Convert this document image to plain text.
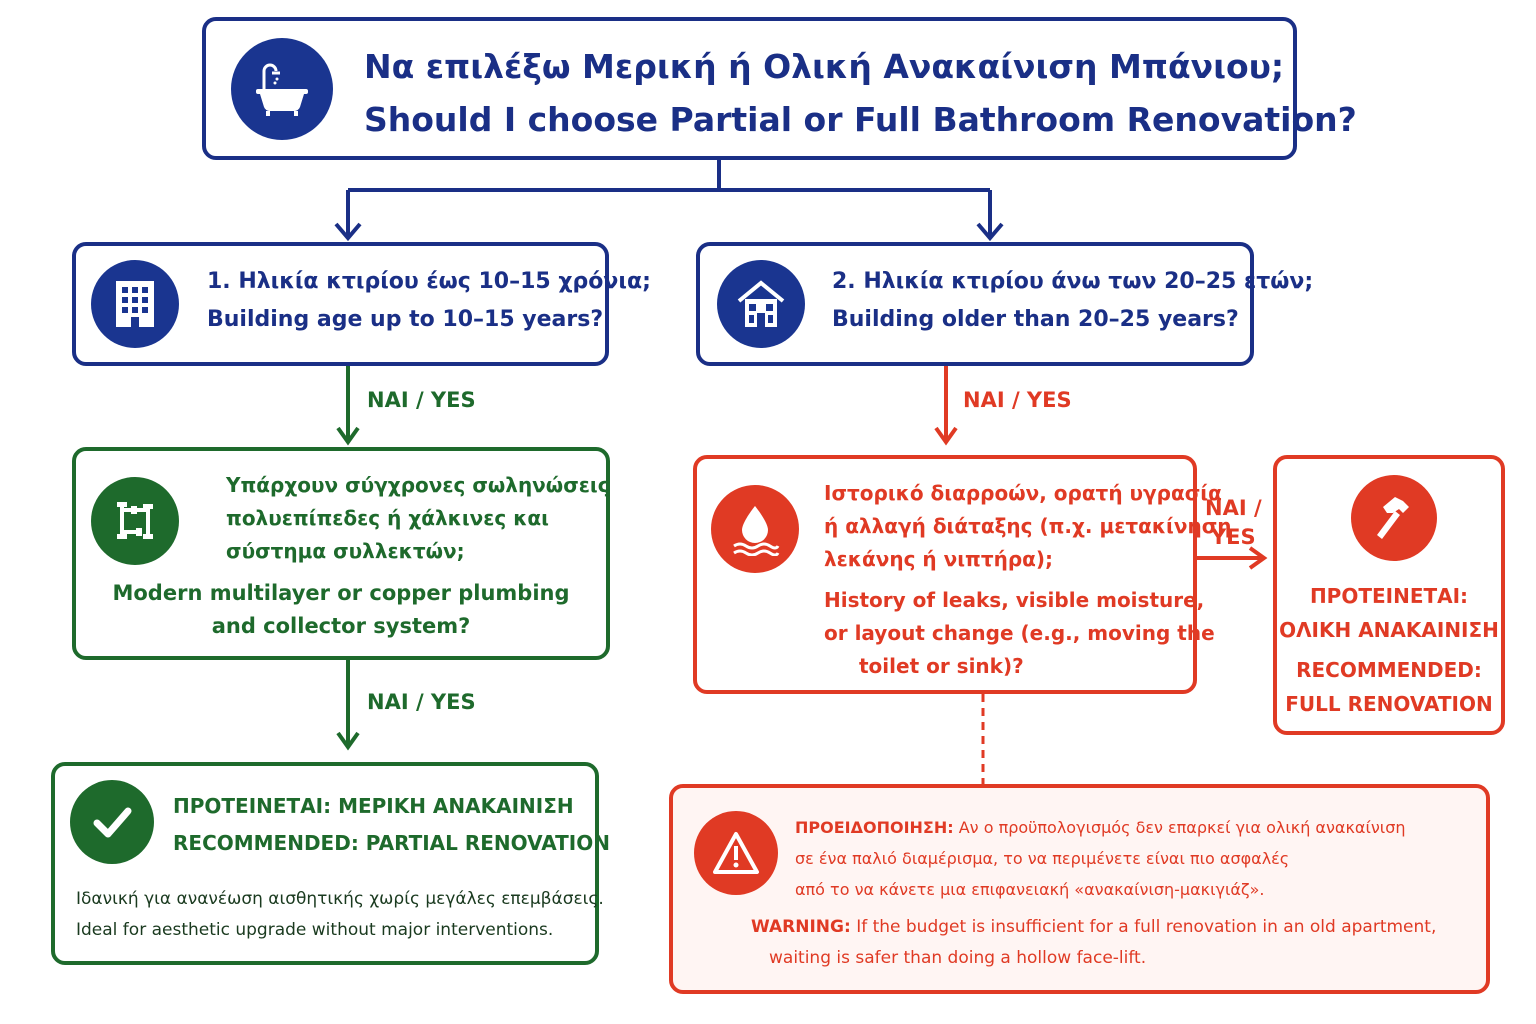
Να επιλέξω Μερική ή Ολική Ανακαίνιση Μπάνιου;
Should I choose Partial or Full Bathroom Renovation?
1. Ηλικία κτιρίου έως 10–15 χρόνια;
Building age up to 10–15 years?
2. Ηλικία κτιρίου άνω των 20–25 ετών;
Building older than 20–25 years?
ΝΑΙ / YES
ΝΑΙ / YES
ΝΑΙ / YES
ΝΑΙ /
YES
Υπάρχουν σύγχρονες σωληνώσεις
πολυεπίπεδες ή χάλκινες και
σύστημα συλλεκτών;
Modern multilayer or copper plumbing
and collector system?
Ιστορικό διαρροών, ορατή υγρασία
ή αλλαγή διάταξης (π.χ. μετακίνηση
λεκάνης ή νιπτήρα);
History of leaks, visible moisture,
or layout change (e.g., moving the
toilet or sink)?
ΠΡΟΤΕΙΝΕΤΑΙ:
ΟΛΙΚΗ ΑΝΑΚΑΙΝΙΣΗ
RECOMMENDED:
FULL RENOVATION
ΠΡΟΤΕΙΝΕΤΑΙ: ΜΕΡΙΚΗ ΑΝΑΚΑΙΝΙΣΗ
RECOMMENDED: PARTIAL RENOVATION
Ιδανική για ανανέωση αισθητικής χωρίς μεγάλες επεμβάσεις.
Ideal for aesthetic upgrade without major interventions.
ΠΡΟΕΙΔΟΠΟΙΗΣΗ: Αν ο προϋπολογισμός δεν επαρκεί για ολική ανακαίνιση
σε ένα παλιό διαμέρισμα, το να περιμένετε είναι πιο ασφαλές
από το να κάνετε μια επιφανειακή «ανακαίνιση-μακιγιάζ».
WARNING: If the budget is insufficient for a full renovation in an old apartment,
waiting is safer than doing a hollow face-lift.
